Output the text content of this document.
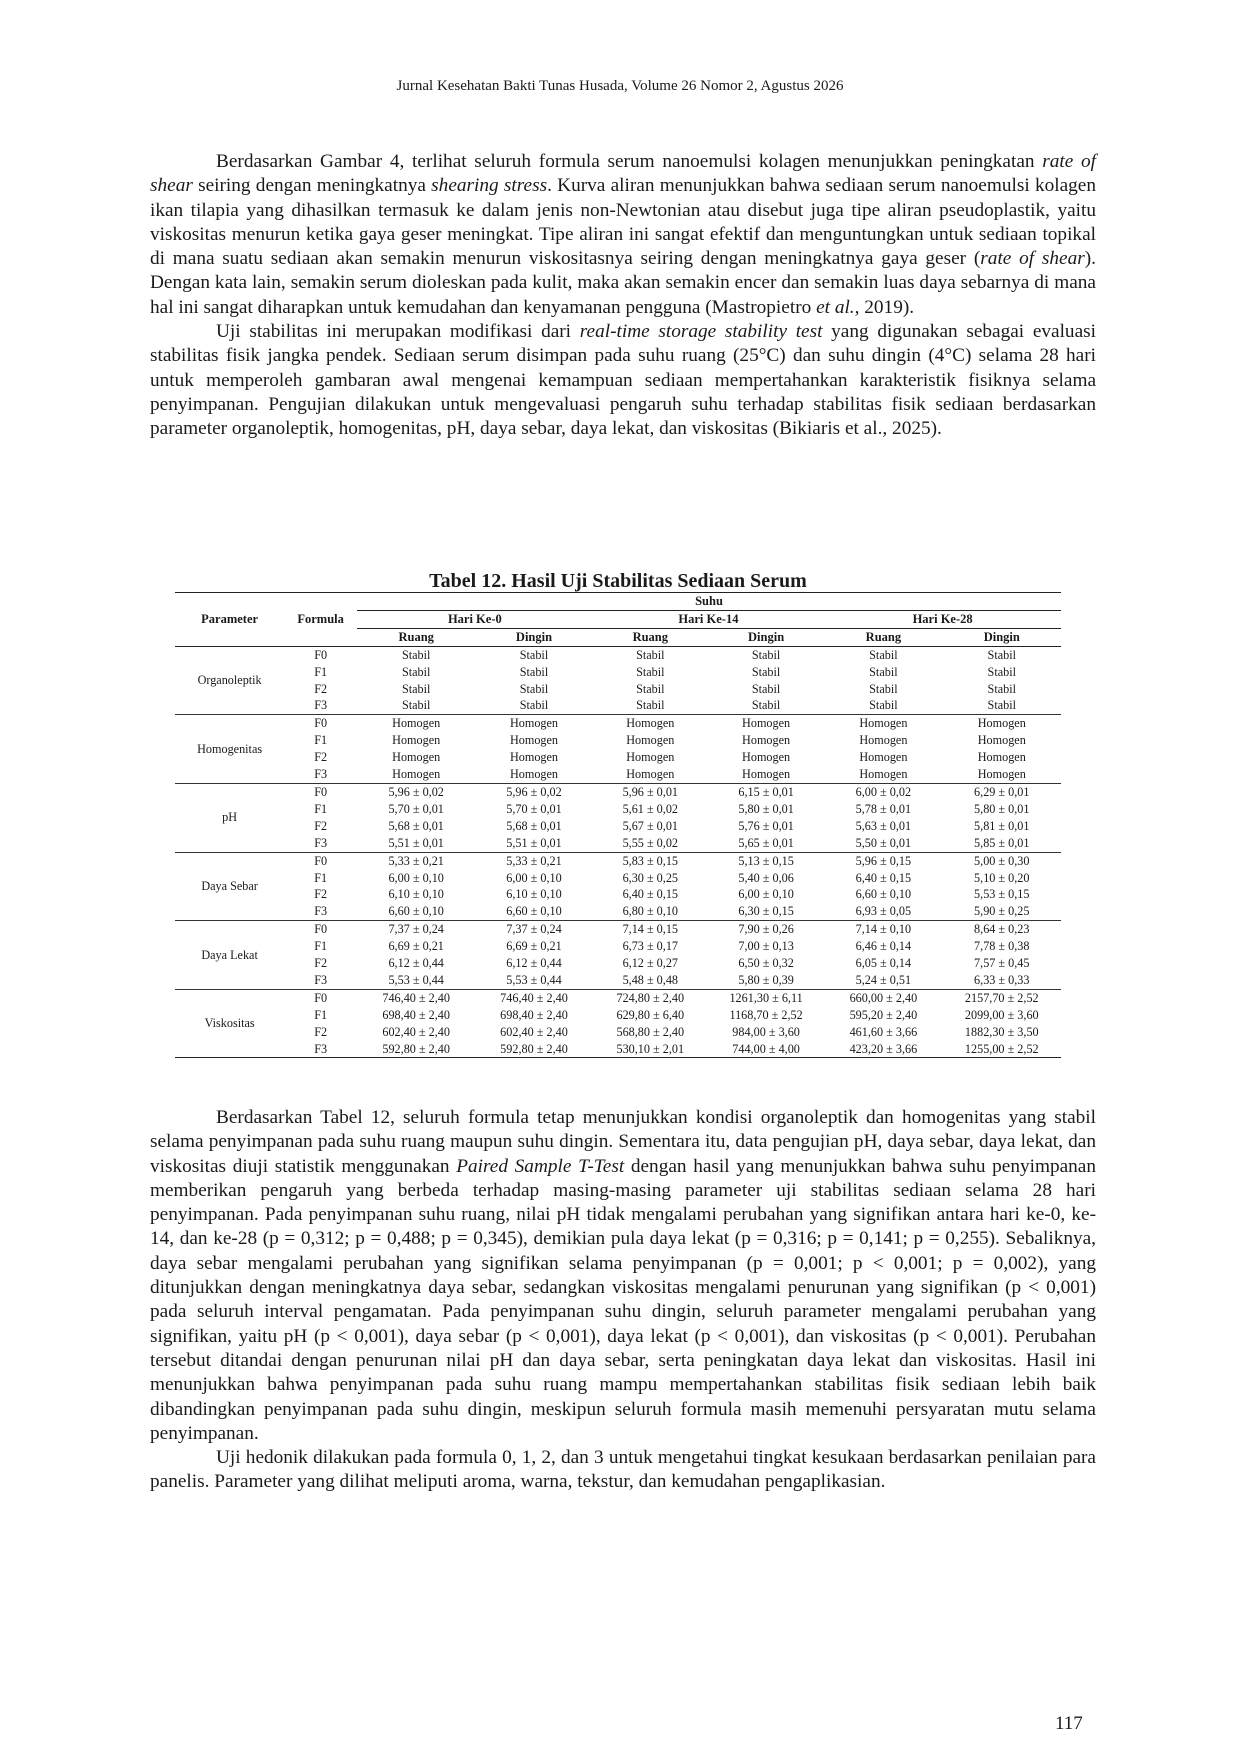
Jurnal Kesehatan Bakti Tunas Husada, Volume 26 Nomor 2, Agustus 2026

Berdasarkan Gambar 4, terlihat seluruh formula serum nanoemulsi kolagen menunjukkan peningkatan rate of shear seiring dengan meningkatnya shearing stress. Kurva aliran menunjukkan bahwa sediaan serum nanoemulsi kolagen ikan tilapia yang dihasilkan termasuk ke dalam jenis non-Newtonian atau disebut juga tipe aliran pseudoplastik, yaitu viskositas menurun ketika gaya geser meningkat. Tipe aliran ini sangat efektif dan menguntungkan untuk sediaan topikal di mana suatu sediaan akan semakin menurun viskositasnya seiring dengan meningkatnya gaya geser (rate of shear). Dengan kata lain, semakin serum dioleskan pada kulit, maka akan semakin encer dan semakin luas daya sebarnya di mana hal ini sangat diharapkan untuk kemudahan dan kenyamanan pengguna (Mastropietro et al., 2019).

Uji stabilitas ini merupakan modifikasi dari real-time storage stability test yang digunakan sebagai evaluasi stabilitas fisik jangka pendek. Sediaan serum disimpan pada suhu ruang (25°C) dan suhu dingin (4°C) selama 28 hari untuk memperoleh gambaran awal mengenai kemampuan sediaan mempertahankan karakteristik fisiknya selama penyimpanan. Pengujian dilakukan untuk mengevaluasi pengaruh suhu terhadap stabilitas fisik sediaan berdasarkan parameter organoleptik, homogenitas, pH, daya sebar, daya lekat, dan viskositas (Bikiaris et al., 2025).

Tabel 12. Hasil Uji Stabilitas Sediaan Serum
Parameter	Formula	Suhu					
		Hari Ke-0		Hari Ke-14		Hari Ke-28	
		Ruang	Dingin	Ruang	Dingin	Ruang	Dingin
Organoleptik	F0	Stabil	Stabil	Stabil	Stabil	Stabil	Stabil
	F1	Stabil	Stabil	Stabil	Stabil	Stabil	Stabil
	F2	Stabil	Stabil	Stabil	Stabil	Stabil	Stabil
	F3	Stabil	Stabil	Stabil	Stabil	Stabil	Stabil
Homogenitas	F0	Homogen	Homogen	Homogen	Homogen	Homogen	Homogen
	F1	Homogen	Homogen	Homogen	Homogen	Homogen	Homogen
	F2	Homogen	Homogen	Homogen	Homogen	Homogen	Homogen
	F3	Homogen	Homogen	Homogen	Homogen	Homogen	Homogen
pH	F0	5,96 ± 0,02	5,96 ± 0,02	5,96 ± 0,01	6,15 ± 0,01	6,00 ± 0,02	6,29 ± 0,01
	F1	5,70 ± 0,01	5,70 ± 0,01	5,61 ± 0,02	5,80 ± 0,01	5,78 ± 0,01	5,80 ± 0,01
	F2	5,68 ± 0,01	5,68 ± 0,01	5,67 ± 0,01	5,76 ± 0,01	5,63 ± 0,01	5,81 ± 0,01
	F3	5,51 ± 0,01	5,51 ± 0,01	5,55 ± 0,02	5,65 ± 0,01	5,50 ± 0,01	5,85 ± 0,01
Daya Sebar	F0	5,33 ± 0,21	5,33 ± 0,21	5,83 ± 0,15	5,13 ± 0,15	5,96 ± 0,15	5,00 ± 0,30
	F1	6,00 ± 0,10	6,00 ± 0,10	6,30 ± 0,25	5,40 ± 0,06	6,40 ± 0,15	5,10 ± 0,20
	F2	6,10 ± 0,10	6,10 ± 0,10	6,40 ± 0,15	6,00 ± 0,10	6,60 ± 0,10	5,53 ± 0,15
	F3	6,60 ± 0,10	6,60 ± 0,10	6,80 ± 0,10	6,30 ± 0,15	6,93 ± 0,05	5,90 ± 0,25
Daya Lekat	F0	7,37 ± 0,24	7,37 ± 0,24	7,14 ± 0,15	7,90 ± 0,26	7,14 ± 0,10	8,64 ± 0,23
	F1	6,69 ± 0,21	6,69 ± 0,21	6,73 ± 0,17	7,00 ± 0,13	6,46 ± 0,14	7,78 ± 0,38
	F2	6,12 ± 0,44	6,12 ± 0,44	6,12 ± 0,27	6,50 ± 0,32	6,05 ± 0,14	7,57 ± 0,45
	F3	5,53 ± 0,44	5,53 ± 0,44	5,48 ± 0,48	5,80 ± 0,39	5,24 ± 0,51	6,33 ± 0,33
Viskositas	F0	746,40 ± 2,40	746,40 ± 2,40	724,80 ± 2,40	1261,30 ± 6,11	660,00 ± 2,40	2157,70 ± 2,52
	F1	698,40 ± 2,40	698,40 ± 2,40	629,80 ± 6,40	1168,70 ± 2,52	595,20 ± 2,40	2099,00 ± 3,60
	F2	602,40 ± 2,40	602,40 ± 2,40	568,80 ± 2,40	984,00 ± 3,60	461,60 ± 3,66	1882,30 ± 3,50
	F3	592,80 ± 2,40	592,80 ± 2,40	530,10 ± 2,01	744,00 ± 4,00	423,20 ± 3,66	1255,00 ± 2,52

Berdasarkan Tabel 12, seluruh formula tetap menunjukkan kondisi organoleptik dan homogenitas yang stabil selama penyimpanan pada suhu ruang maupun suhu dingin. Sementara itu, data pengujian pH, daya sebar, daya lekat, dan viskositas diuji statistik menggunakan Paired Sample T-Test dengan hasil yang menunjukkan bahwa suhu penyimpanan memberikan pengaruh yang berbeda terhadap masing-masing parameter uji stabilitas sediaan selama 28 hari penyimpanan. Pada penyimpanan suhu ruang, nilai pH tidak mengalami perubahan yang signifikan antara hari ke-0, ke-14, dan ke-28 (p = 0,312; p = 0,488; p = 0,345), demikian pula daya lekat (p = 0,316; p = 0,141; p = 0,255). Sebaliknya, daya sebar mengalami perubahan yang signifikan selama penyimpanan (p = 0,001; p < 0,001; p = 0,002), yang ditunjukkan dengan meningkatnya daya sebar, sedangkan viskositas mengalami penurunan yang signifikan (p < 0,001) pada seluruh interval pengamatan. Pada penyimpanan suhu dingin, seluruh parameter mengalami perubahan yang signifikan, yaitu pH (p < 0,001), daya sebar (p < 0,001), daya lekat (p < 0,001), dan viskositas (p < 0,001). Perubahan tersebut ditandai dengan penurunan nilai pH dan daya sebar, serta peningkatan daya lekat dan viskositas. Hasil ini menunjukkan bahwa penyimpanan pada suhu ruang mampu mempertahankan stabilitas fisik sediaan lebih baik dibandingkan penyimpanan pada suhu dingin, meskipun seluruh formula masih memenuhi persyaratan mutu selama penyimpanan.

Uji hedonik dilakukan pada formula 0, 1, 2, dan 3 untuk mengetahui tingkat kesukaan berdasarkan penilaian para panelis. Parameter yang dilihat meliputi aroma, warna, tekstur, dan kemudahan pengaplikasian.

117
